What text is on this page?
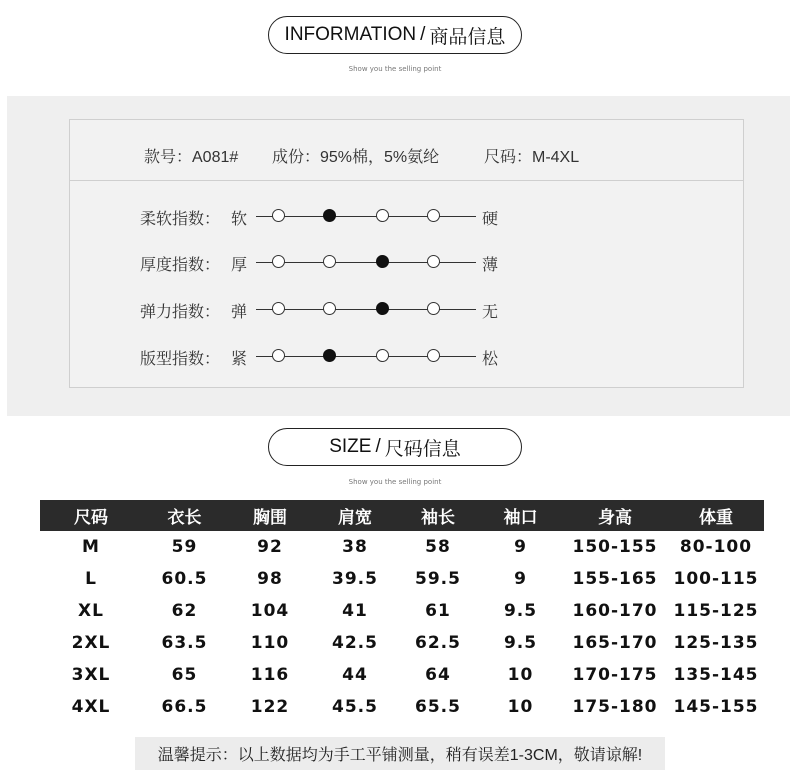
INFORMATION / 商品信息
Show you the selling point
款号：A081# 成份：95%棉，5%氨纶	尺码：M-4XL
柔软指数： 软	硬
厚度指数： 厚	薄
弹力指数： 弹	无
版型指数： 紧	松
SIZE / 尺码信息
Show you the selling point
尺码	衣长	胸围	肩宽	袖长	袖口	身高	体重
M	59	92	38	58	9	150-155	80-100
L	60.5	98	39.5	59.5	9	155-165	100-115
XL	62	104	41	61	9.5	160-170	115-125
2XL	63.5	110	42.5	62.5	9.5	165-170	125-135
3XL	65	116	44	64	10	170-175	135-145
4XL	66.5	122	45.5	65.5	10	175-180	145-155
温馨提示：以上数据均为手工平铺测量，稍有误差1-3CM，敬请谅解!
